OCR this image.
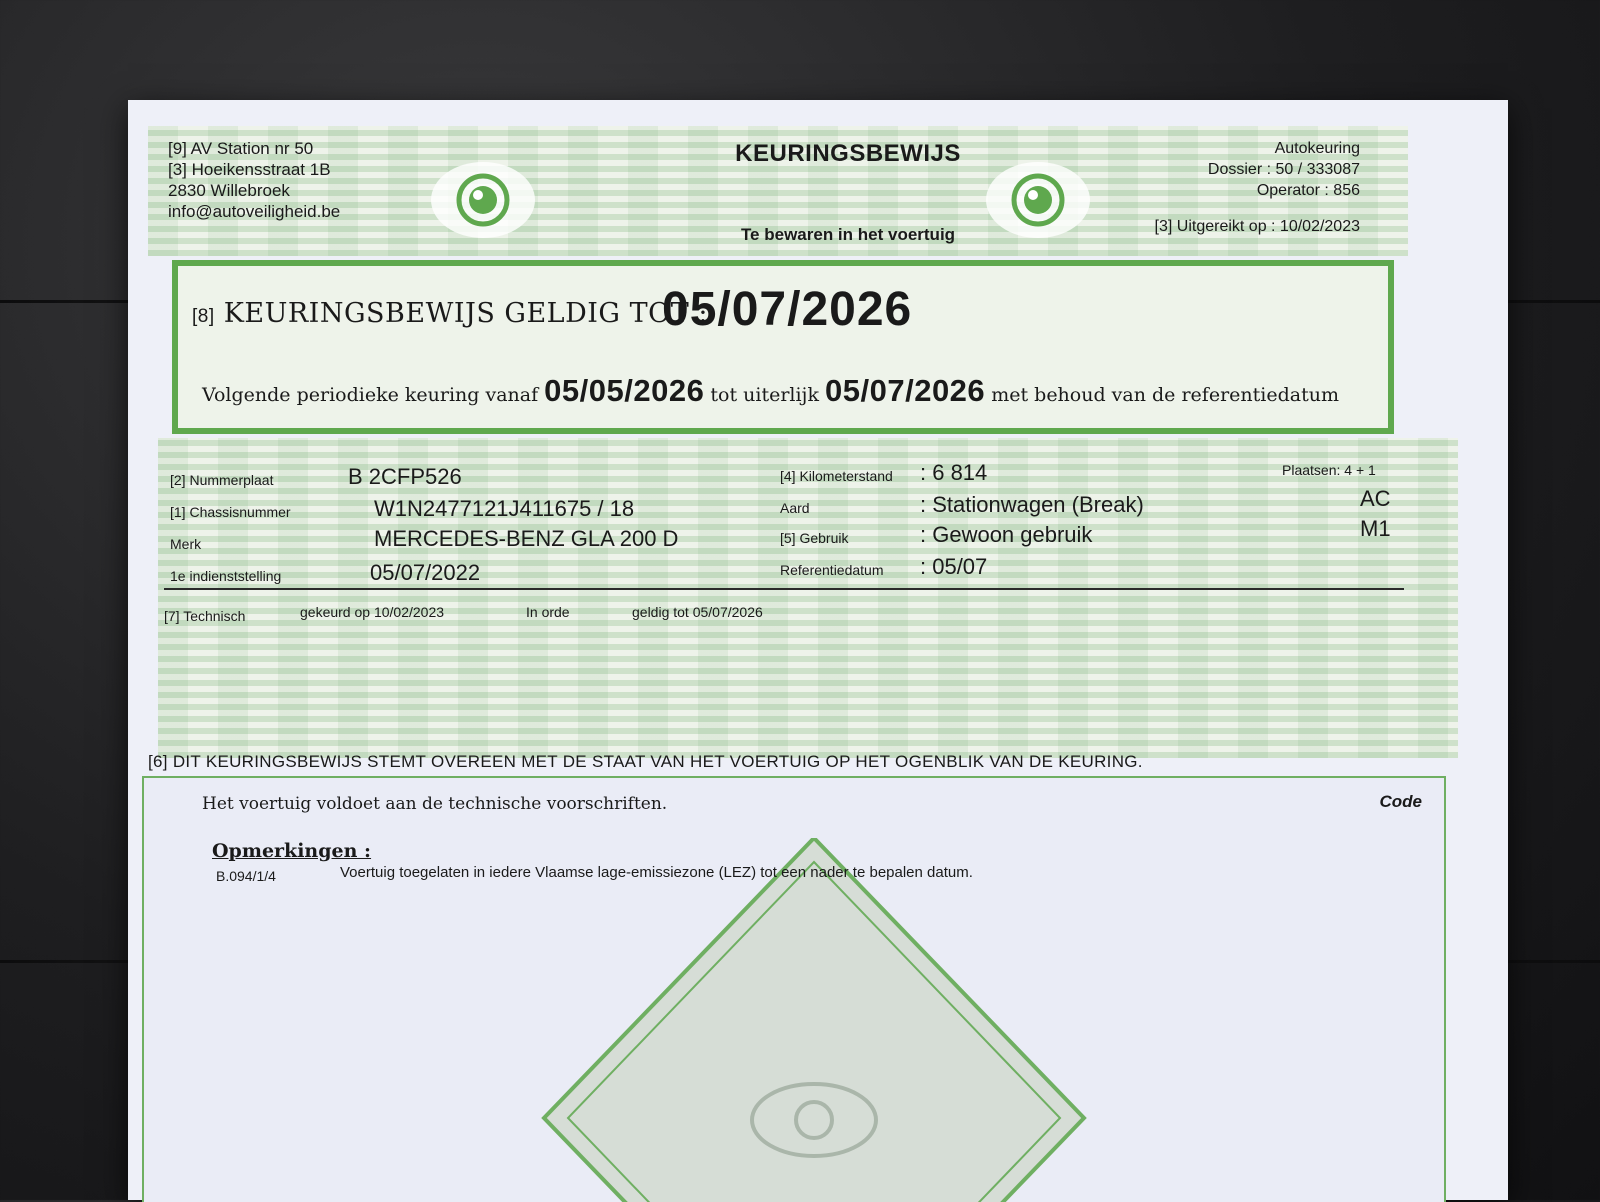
[9] AV Station nr 50
[3] Hoeikensstraat 1B
2830 Willebroek
info@autoveiligheid.be
KEURINGSBEWIJS
Te bewaren in het voertuig
Autokeuring
Dossier : 50 / 333087
Operator : 856
[3] Uitgereikt op : 10/02/2023
[8] KEURINGSBEWIJS GELDIG TOT :
05/07/2026
Volgende periodieke keuring vanaf 05/05/2026 tot uiterlijk 05/07/2026 met behoud van de referentiedatum
[2] Nummerplaat	B 2CFP526
[1] Chassisnummer	W1N2477121J411675 / 18
Merk	MERCEDES-BENZ GLA 200 D
1e indienststelling	05/07/2022
[4] Kilometerstand : 6 814
Aard	: Stationwagen (Break)
[5] Gebruik	: Gewoon gebruik
Referentiedatum : 05/07
Plaatsen: 4 + 1
AC
M1
[7] Technisch	gekeurd op 10/02/2023	In orde	geldig tot 05/07/2026
[6] DIT KEURINGSBEWIJS STEMT OVEREEN MET DE STAAT VAN HET VOERTUIG OP HET OGENBLIK VAN DE KEURING.
Het voertuig voldoet aan de technische voorschriften.	Code
Opmerkingen :
B.094/1/4	Voertuig toegelaten in iedere Vlaamse lage-emissiezone (LEZ) tot een nader te bepalen datum.
